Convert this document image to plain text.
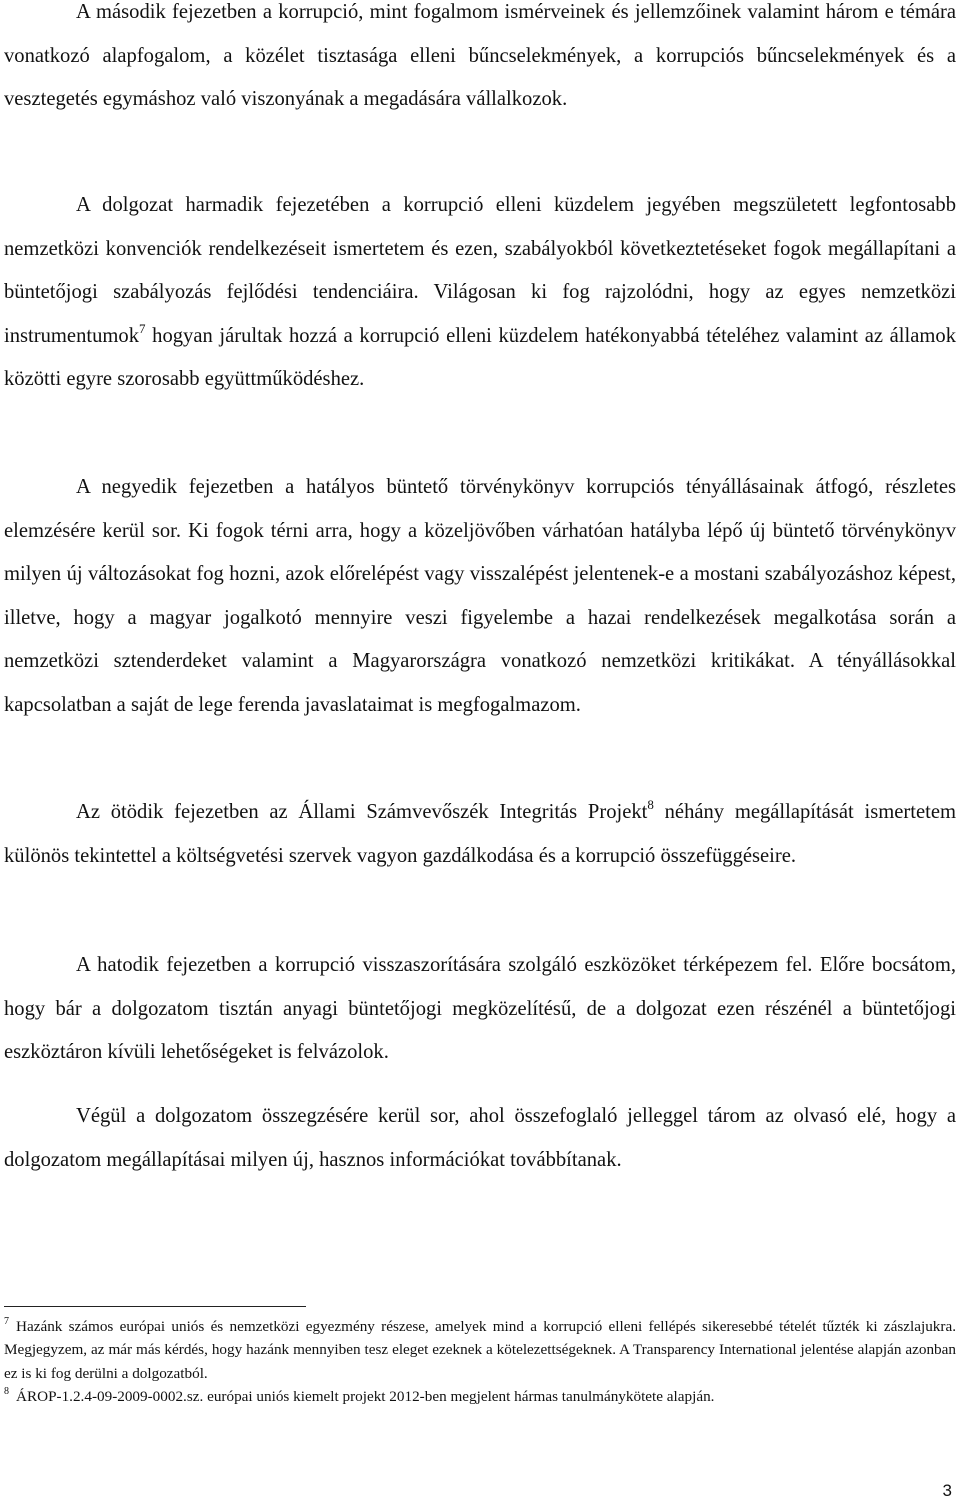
A második fejezetben a korrupció, mint fogalmom ismérveinek és jellemzőinek valamint három e témára vonatkozó alapfogalom, a közélet tisztasága elleni bűncselekmények, a korrupciós bűncselekmények és a vesztegetés egymáshoz való viszonyának a megadására vállalkozok.

A dolgozat harmadik fejezetében a korrupció elleni küzdelem jegyében megszületett legfontosabb nemzetközi konvenciók rendelkezéseit ismertetem és ezen, szabályokból következtetéseket fogok megállapítani a büntetőjogi szabályozás fejlődési tendenciáira. Világosan ki fog rajzolódni, hogy az egyes nemzetközi instrumentumok$^7$ hogyan járultak hozzá a korrupció elleni küzdelem hatékonyabbá tételéhez valamint az államok közötti egyre szorosabb együttműködéshez.

A negyedik fejezetben a hatályos büntető törvénykönyv korrupciós tényállásainak átfogó, részletes elemzésére kerül sor. Ki fogok térni arra, hogy a közeljövőben várhatóan hatályba lépő új büntető törvénykönyv milyen új változásokat fog hozni, azok előrelépést vagy visszalépést jelentenek-e a mostani szabályozáshoz képest, illetve, hogy a magyar jogalkotó mennyire veszi figyelembe a hazai rendelkezések megalkotása során a nemzetközi sztenderdeket valamint a Magyarországra vonatkozó nemzetközi kritikákat. A tényállásokkal kapcsolatban a saját de lege ferenda javaslataimat is megfogalmazom.

Az ötödik fejezetben az Állami Számvevőszék Integritás Projekt$^8$ néhány megállapítását ismertetem különös tekintettel a költségvetési szervek vagyon gazdálkodása és a korrupció összefüggéseire.

A hatodik fejezetben a korrupció visszaszorítására szolgáló eszközöket térképezem fel. Előre bocsátom, hogy bár a dolgozatom tisztán anyagi büntetőjogi megközelítésű, de a dolgozat ezen részénél a büntetőjogi eszköztáron kívüli lehetőségeket is felvázolok.

Végül a dolgozatom összegzésére kerül sor, ahol összefoglaló jelleggel tárom az olvasó elé, hogy a dolgozatom megállapításai milyen új, hasznos információkat továbbítanak.

$^7$ Hazánk számos európai uniós és nemzetközi egyezmény részese, amelyek mind a korrupció elleni fellépés sikeresebbé tételét tűzték ki zászlajukra. Megjegyzem, az már más kérdés, hogy hazánk mennyiben tesz eleget ezeknek a kötelezettségeknek. A Transparency International jelentése alapján azonban ez is ki fog derülni a dolgozatból.

$^8$ ÁROP-1.2.4-09-2009-0002.sz. európai uniós kiemelt projekt 2012-ben megjelent hármas tanulmánykötete alapján.

3
